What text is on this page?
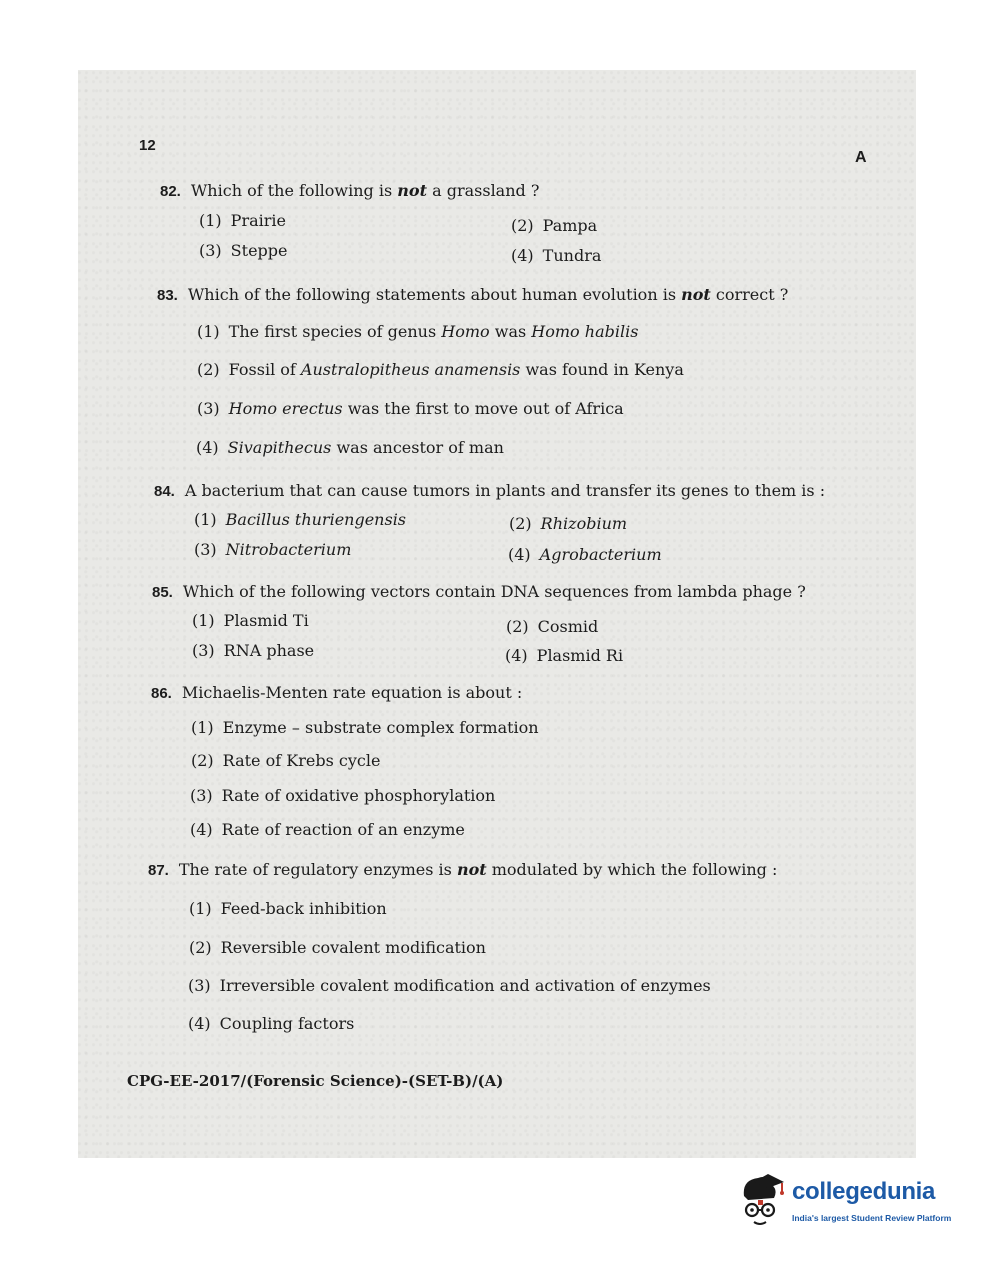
12
A
82. Which of the following is not a grassland ?
(1) Prairie	(2) Pampa
(3) Steppe	(4) Tundra
83. Which of the following statements about human evolution is not correct ?
(1) The first species of genus Homo was Homo habilis
(2) Fossil of Australopitheus anamensis was found in Kenya
(3) Homo erectus was the first to move out of Africa
(4) Sivapithecus was ancestor of man
84. A bacterium that can cause tumors in plants and transfer its genes to them is :
(1) Bacillus thuriengensis	(2) Rhizobium
(3) Nitrobacterium	(4) Agrobacterium
85. Which of the following vectors contain DNA sequences from lambda phage ?
(1) Plasmid Ti	(2) Cosmid
(3) RNA phase	(4) Plasmid Ri
86. Michaelis-Menten rate equation is about :
(1) Enzyme – substrate complex formation
(2) Rate of Krebs cycle
(3) Rate of oxidative phosphorylation
(4) Rate of reaction of an enzyme
87. The rate of regulatory enzymes is not modulated by which the following :
(1) Feed-back inhibition
(2) Reversible covalent modification
(3) Irreversible covalent modification and activation of enzymes
(4) Coupling factors
CPG-EE-2017/(Forensic Science)-(SET-B)/(A)
collegedunia
India's largest Student Review Platform
